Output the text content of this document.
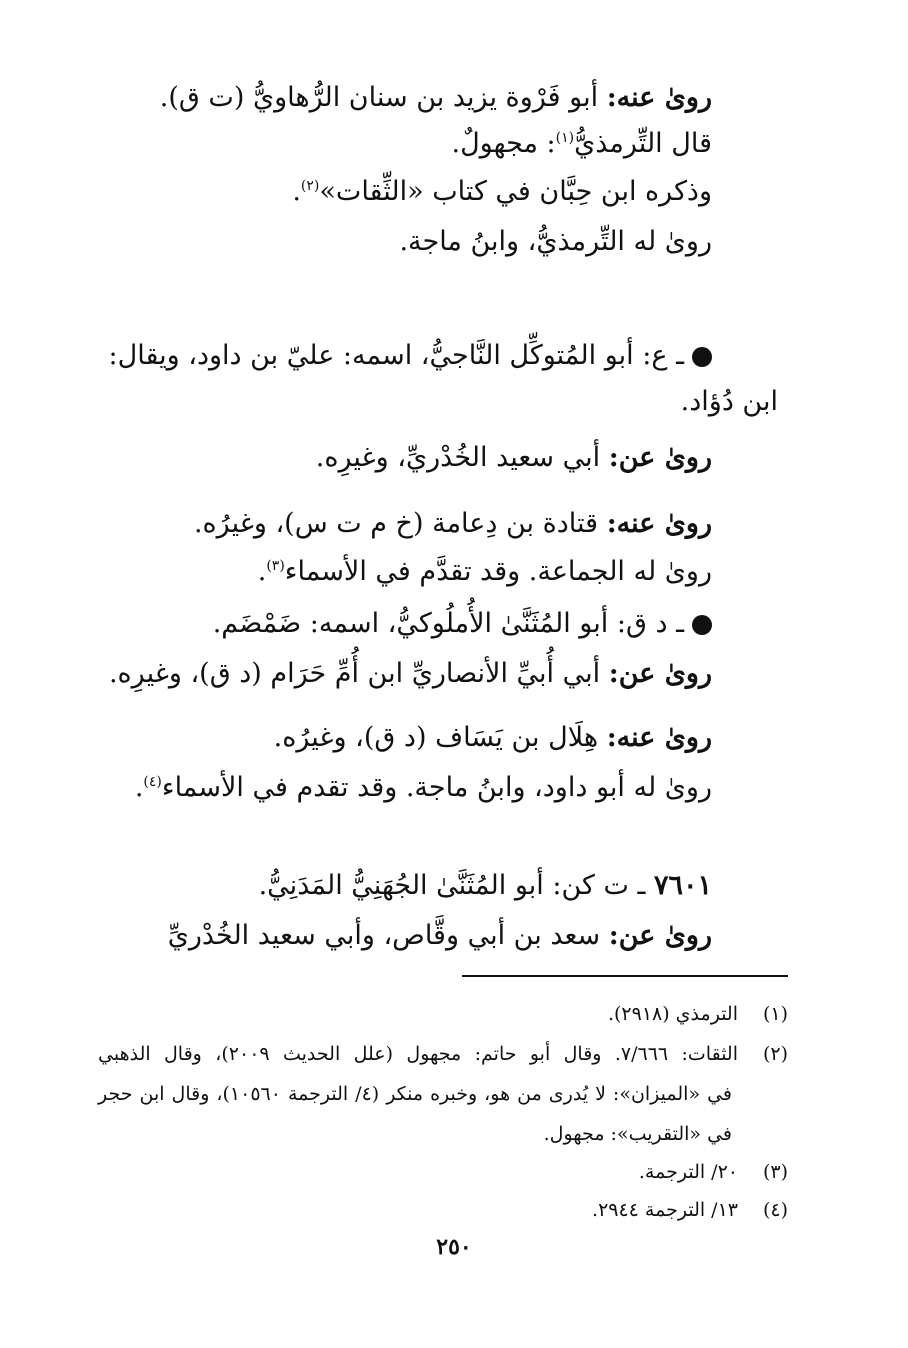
روىٰ عنه: أبو فَرْوة يزيد بن سنان الرُّهاويُّ (ت ق).
قال التِّرمذيُّ$^{(١)}$: مجهولٌ.
وذكره ابن حِبَّان في كتاب «الثِّقات»$^{(٢)}$.
روىٰ له التِّرمذيُّ، وابنُ ماجة.
ـ ع: أبو المُتوكِّل النَّاجيُّ، اسمه: عليّ بن داود، ويقال:
ابن دُؤاد.
روىٰ عن: أبي سعيد الخُدْريِّ، وغيرِه.
روىٰ عنه: قتادة بن دِعامة (خ م ت س)، وغيرُه.
روىٰ له الجماعة. وقد تقدَّم في الأسماء$^{(٣)}$.
ـ د ق: أبو المُثَنَّىٰ الأُملُوكيُّ، اسمه: ضَمْضَم.
روىٰ عن: أبي أُبيِّ الأنصاريِّ ابن أُمِّ حَرَام (د ق)، وغيرِه.
روىٰ عنه: هِلَال بن يَسَاف (د ق)، وغيرُه.
روىٰ له أبو داود، وابنُ ماجة. وقد تقدم في الأسماء$^{(٤)}$.
٧٦٠١ ـ ت كن: أبو المُثَنَّىٰ الجُهَنِيُّ المَدَنِيُّ.
روىٰ عن: سعد بن أبي وقَّاص، وأبي سعيد الخُدْريِّ
(١)الترمذي (٢٩١٨).
(٢)الثقات: ٧/٦٦٦. وقال أبو حاتم: مجهول (علل الحديث ٢٠٠٩)، وقال الذهبي
في «الميزان»: لا يُدرى من هو، وخبره منكر (٤/ الترجمة ١٠٥٦٠)، وقال ابن حجر
في «التقريب»: مجهول.
(٣)٢٠/ الترجمة.
(٤)١٣/ الترجمة ٢٩٤٤.
٢٥٠
